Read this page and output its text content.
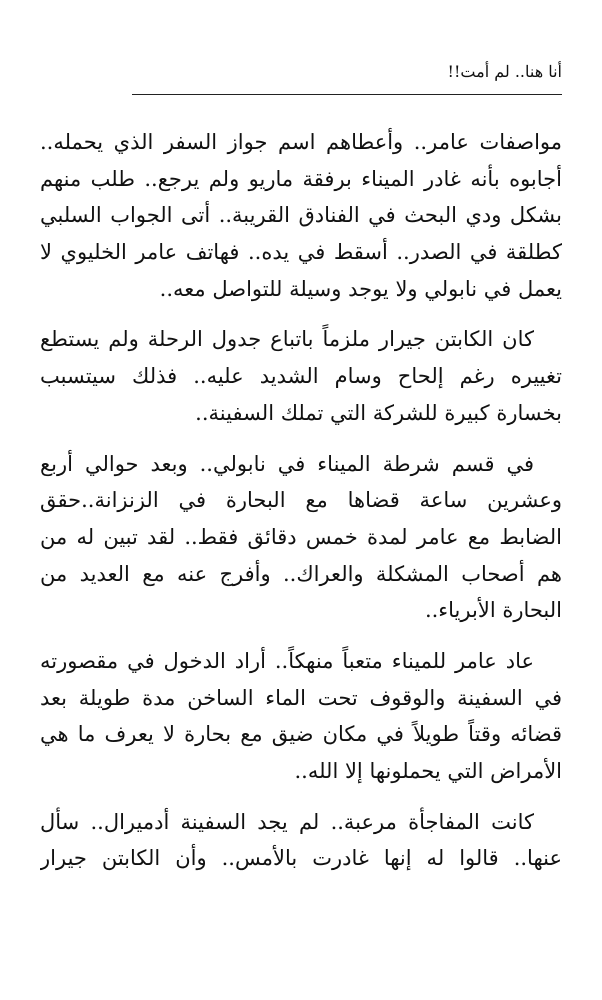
أنا هنا.. لم أمت!!
مواصفات عامر.. وأعطاهم اسم جواز السفر الذي يحمله..
أجابوه بأنه غادر الميناء برفقة ماريو ولم يرجع.. طلب منهم
بشكل ودي البحث في الفنادق القريبة.. أتى الجواب السلبي
كطلقة في الصدر.. أسقط في يده.. فهاتف عامر الخليوي لا
يعمل في نابولي ولا يوجد وسيلة للتواصل معه..
كان الكابتن جيرار ملزماً باتباع جدول الرحلة ولم يستطع
تغييره رغم إلحاح وسام الشديد عليه.. فذلك سيتسبب
بخسارة كبيرة للشركة التي تملك السفينة..
في قسم شرطة الميناء في نابولي.. وبعد حوالي أربع
وعشرين ساعة قضاها مع البحارة في الزنزانة..حقق
الضابط مع عامر لمدة خمس دقائق فقط.. لقد تبين له من
هم أصحاب المشكلة والعراك.. وأفرج عنه مع العديد من
البحارة الأبرياء..
عاد عامر للميناء متعباً منهكاً.. أراد الدخول في مقصورته
في السفينة والوقوف تحت الماء الساخن مدة طويلة بعد
قضائه وقتاً طويلاً في مكان ضيق مع بحارة لا يعرف ما هي
الأمراض التي يحملونها إلا الله..
كانت المفاجأة مرعبة.. لم يجد السفينة أدميرال.. سأل
عنها.. قالوا له إنها غادرت بالأمس.. وأن الكابتن جيرار
